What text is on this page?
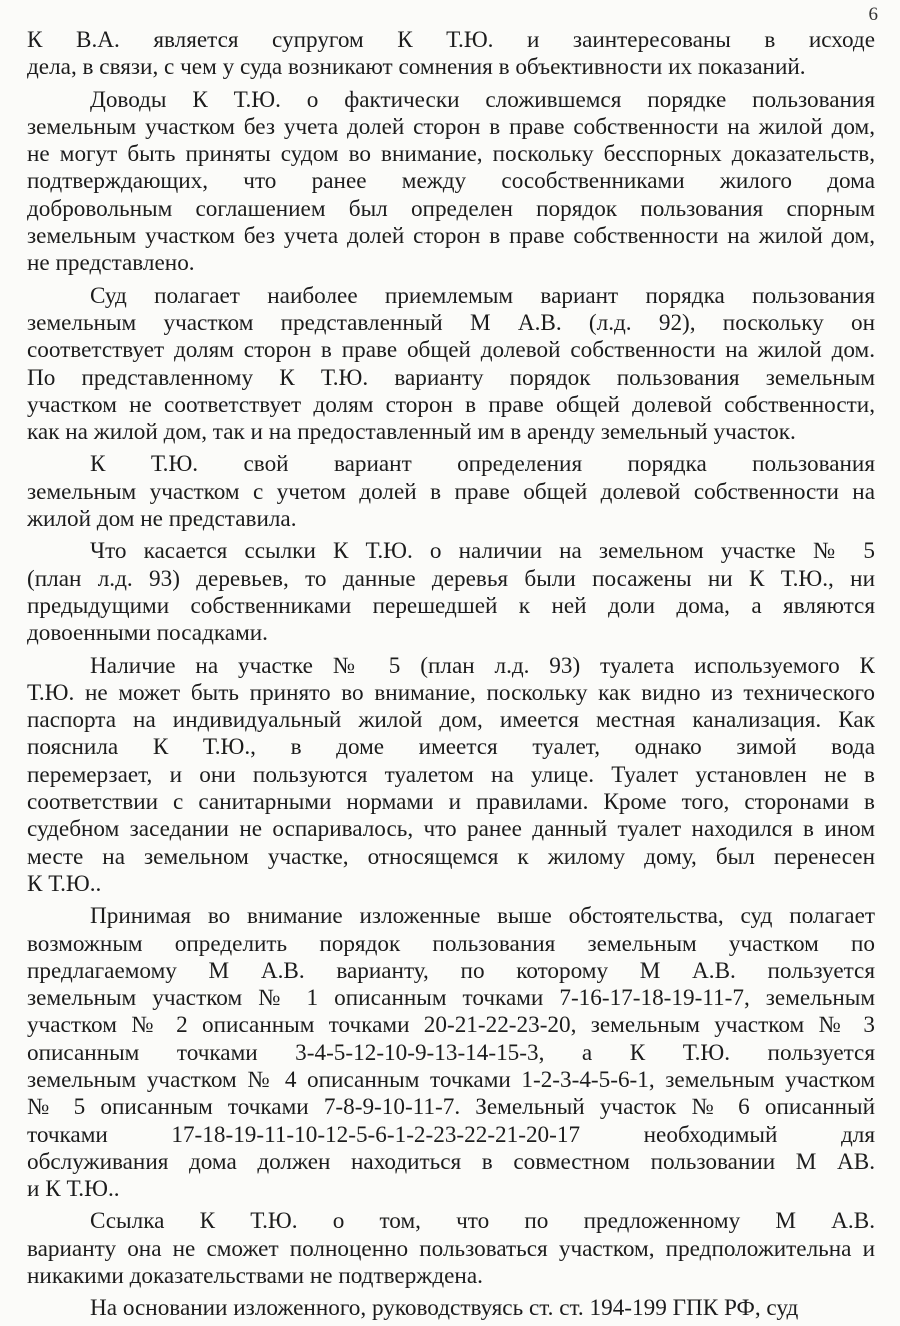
6

К В.А. является супругом К Т.Ю. и заинтересованы в исходе
дела, в связи, с чем у суда возникают сомнения в объективности их показаний.

Доводы К Т.Ю. о фактически сложившемся порядке пользования
земельным участком без учета долей сторон в праве собственности на жилой дом,
не могут быть приняты судом во внимание, поскольку бесспорных доказательств,
подтверждающих, что ранее между сособственниками жилого дома
добровольным соглашением был определен порядок пользования спорным
земельным участком без учета долей сторон в праве собственности на жилой дом,
не представлено.

Суд полагает наиболее приемлемым вариант порядка пользования
земельным участком представленный М А.В. (л.д. 92), поскольку он
соответствует долям сторон в праве общей долевой собственности на жилой дом.
По представленному К Т.Ю. варианту порядок пользования земельным
участком не соответствует долям сторон в праве общей долевой собственности,
как на жилой дом, так и на предоставленный им в аренду земельный участок.

К Т.Ю. свой вариант определения порядка пользования
земельным участком с учетом долей в праве общей долевой собственности на
жилой дом не представила.

Что касается ссылки К Т.Ю. о наличии на земельном участке № 5
(план л.д. 93) деревьев, то данные деревья были посажены ни К Т.Ю., ни
предыдущими собственниками перешедшей к ней доли дома, а являются
довоенными посадками.

Наличие на участке № 5 (план л.д. 93) туалета используемого К
Т.Ю. не может быть принято во внимание, поскольку как видно из технического
паспорта на индивидуальный жилой дом, имеется местная канализация. Как
пояснила К Т.Ю., в доме имеется туалет, однако зимой вода
перемерзает, и они пользуются туалетом на улице. Туалет установлен не в
соответствии с санитарными нормами и правилами. Кроме того, сторонами в
судебном заседании не оспаривалось, что ранее данный туалет находился в ином
месте на земельном участке, относящемся к жилому дому, был перенесен
К Т.Ю..

Принимая во внимание изложенные выше обстоятельства, суд полагает
возможным определить порядок пользования земельным участком по
предлагаемому М А.В. варианту, по которому М А.В. пользуется
земельным участком № 1 описанным точками 7-16-17-18-19-11-7, земельным
участком № 2 описанным точками 20-21-22-23-20, земельным участком № 3
описанным точками 3-4-5-12-10-9-13-14-15-3, а К Т.Ю. пользуется
земельным участком № 4 описанным точками 1-2-3-4-5-6-1, земельным участком
№ 5 описанным точками 7-8-9-10-11-7. Земельный участок № 6 описанный
точками 17-18-19-11-10-12-5-6-1-2-23-22-21-20-17 необходимый для
обслуживания дома должен находиться в совместном пользовании М АВ.
и К Т.Ю..

Ссылка К Т.Ю. о том, что по предложенному М А.В.
варианту она не сможет полноценно пользоваться участком, предположительна и
никакими доказательствами не подтверждена.

На основании изложенного, руководствуясь ст. ст. 194-199 ГПК РФ, суд
